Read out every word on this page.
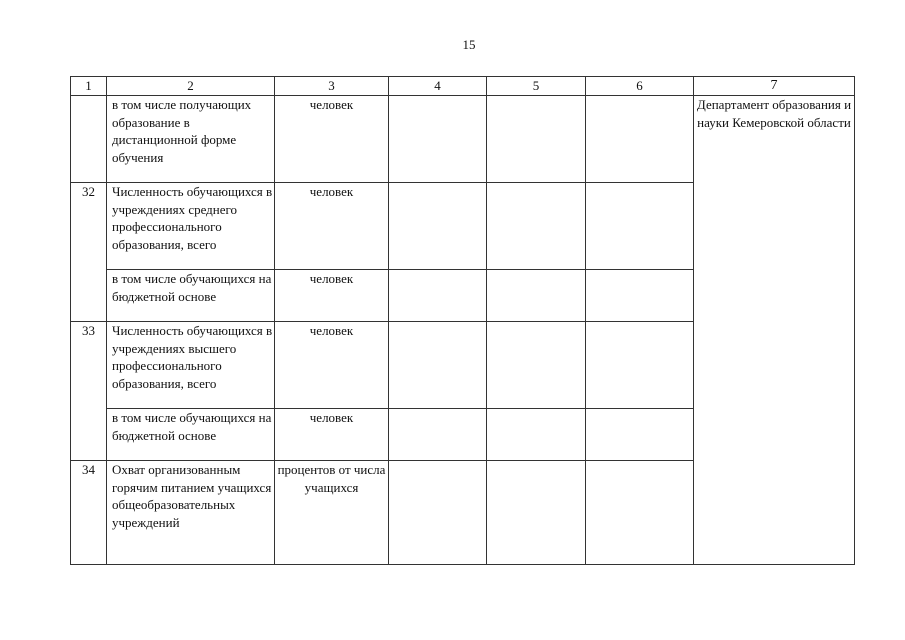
15
1	2	3	4	5	6	7
	в том числе получающих образование в дистанционной форме обучения	человек				Департамент образования и науки Кемеровской области
32	Численность обучающихся в учреждениях среднего профессионального образования, всего	человек				
	в том числе обучающихся на бюджетной основе	человек				
33	Численность обучающихся в учреждениях высшего профессионального образования, всего	человек				
	в том числе обучающихся на бюджетной основе	человек				
34	Охват организованным горячим питанием учащихся общеобразовательных учреждений	процентов от числа учащихся				
